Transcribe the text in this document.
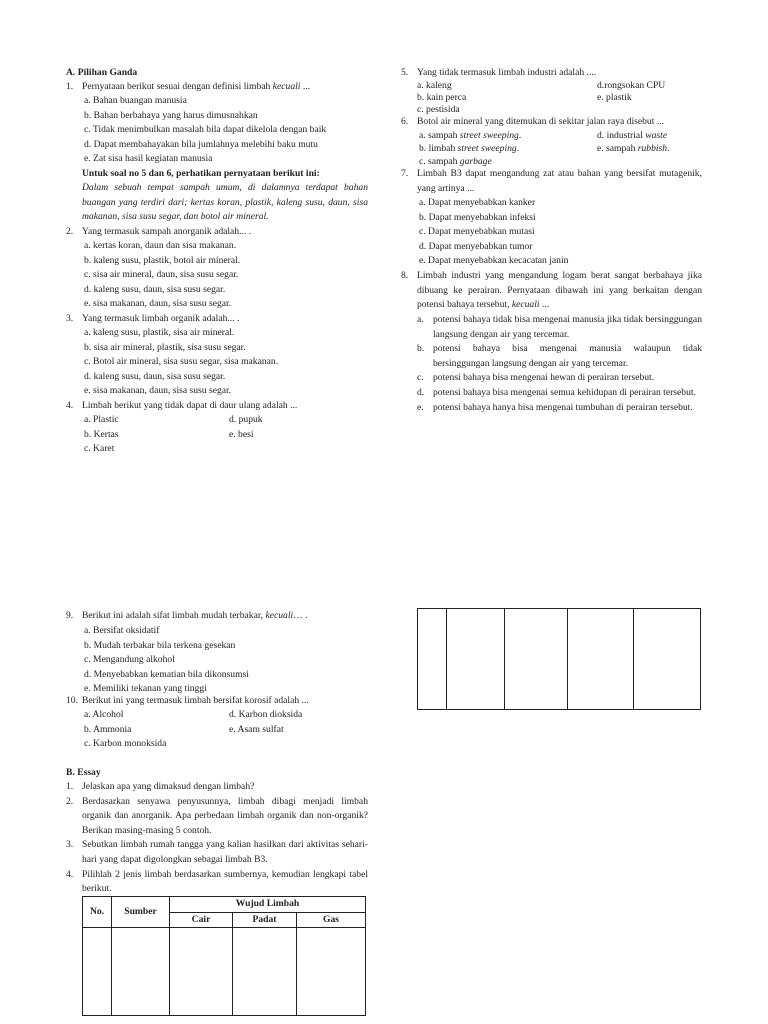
A. Pilihan Ganda
1. Pernyataan berikut sesuai dengan definisi limbah kecuali ...
a. Bahan buangan manusia
b. Bahan berbahaya yang harus dimusnahkan
c. Tidak menimbulkan masalah bila dapat dikelola dengan baik
d. Dapat membahayakan bila jumlahnya melebihi baku mutu
e. Zat sisa hasil kegiatan manusia
Untuk soal no 5 dan 6, perhatikan pernyataan berikut ini:
Dalam sebuah tempat sampah umum, di dalamnya terdapat bahan buangan yang terdiri dari; kertas koran, plastik, kaleng susu, daun, sisa makanan, sisa susu segar, dan botol air mineral.
2. Yang termasuk sampah anorganik adalah... .
a. kertas koran, daun dan sisa makanan.
b. kaleng susu, plastik, botol air mineral.
c. sisa air mineral, daun, sisa susu segar.
d. kaleng susu, daun, sisa susu segar.
e. sisa makanan, daun, sisa susu segar.
3. Yang termasuk limbah organik adalah... .
a. kaleng susu, plastik, sisa air mineral.
b. sisa air mineral, plastik, sisa susu segar.
c. Botol air mineral, sisa susu segar, sisa makanan.
d. kaleng susu, daun, sisa susu segar.
e. sisa makanan, daun, sisa susu segar.
4. Limbah berikut yang tidak dapat di daur ulang adalah ...
a. Plastic
b. Kertas
c. Karet
d. pupuk
e. besi
9. Berikut ini adalah sifat limbah mudah terbakar, kecuali… .
a. Bersifat oksidatif
b. Mudah terbakar bila terkena gesekan
c. Mengandung alkohol
d. Menyebabkan kematian bila dikonsumsi
e. Memiliki tekanan yang tinggi
10. Berikut ini yang termasuk limbah bersifat korosif adalah ...
a. Alcohol
b. Ammonia
c. Karbon monoksida
d. Karbon dioksida
e. Asam sulfat
B. Essay
1. Jelaskan apa yang dimaksud dengan limbah?
2. Berdasarkan senyawa penyusunnya, limbah dibagi menjadi limbah organik dan anorganik. Apa perbedaan limbah organik dan non-organik? Berikan masing-masing 5 contoh.
3. Sebutkan limbah rumah tangga yang kalian hasilkan dari aktivitas sehari-hari yang dapat digolongkan sebagai limbah B3.
4. Pilihlah 2 jenis limbah berdasarkan sumbernya, kemudian lengkapi tabel berikut.
No.	Sumber	Wujud Limbah		
		Cair	Padat	Gas

5. Yang tidak termasuk limbah industri adalah ....
a. kaleng
b. kain perca
c. pestisida
d.rongsokan CPU
e. plastik
6. Botol air mineral yang ditemukan di sekitar jalan raya disebut ...
a. sampah street sweeping.
b. limbah street sweeping.
c. sampah garbage
d. industrial waste
e. sampah rubbish.
7. Limbah B3 dapat mengandung zat atau bahan yang bersifat mutagenik, yang artinya ...
a. Dapat menyebabkan kanker
b. Dapat menyebabkan infeksi
c. Dapat menyebabkan mutasi
d. Dapat menyebabkan tumor
e. Dapat menyebabkan kecacatan janin
8. Limbah industri yang mengandung logam berat sangat berbahaya jika dibuang ke perairan. Pernyataan dibawah ini yang berkaitan dengan potensi bahaya tersebut, kecuali ...
a. potensi bahaya tidak bisa mengenai manusia jika tidak bersinggungan langsung dengan air yang tercemar.
b. potensi bahaya bisa mengenai manusia walaupun tidak bersinggungan langsung dengan air yang tercemar.
c. potensi bahaya bisa mengenai hewan di perairan tersebut.
d. potensi bahaya bisa mengenai semua kehidupan di perairan tersebut.
e. potensi bahaya hanya bisa mengenai tumbuhan di perairan tersebut.
